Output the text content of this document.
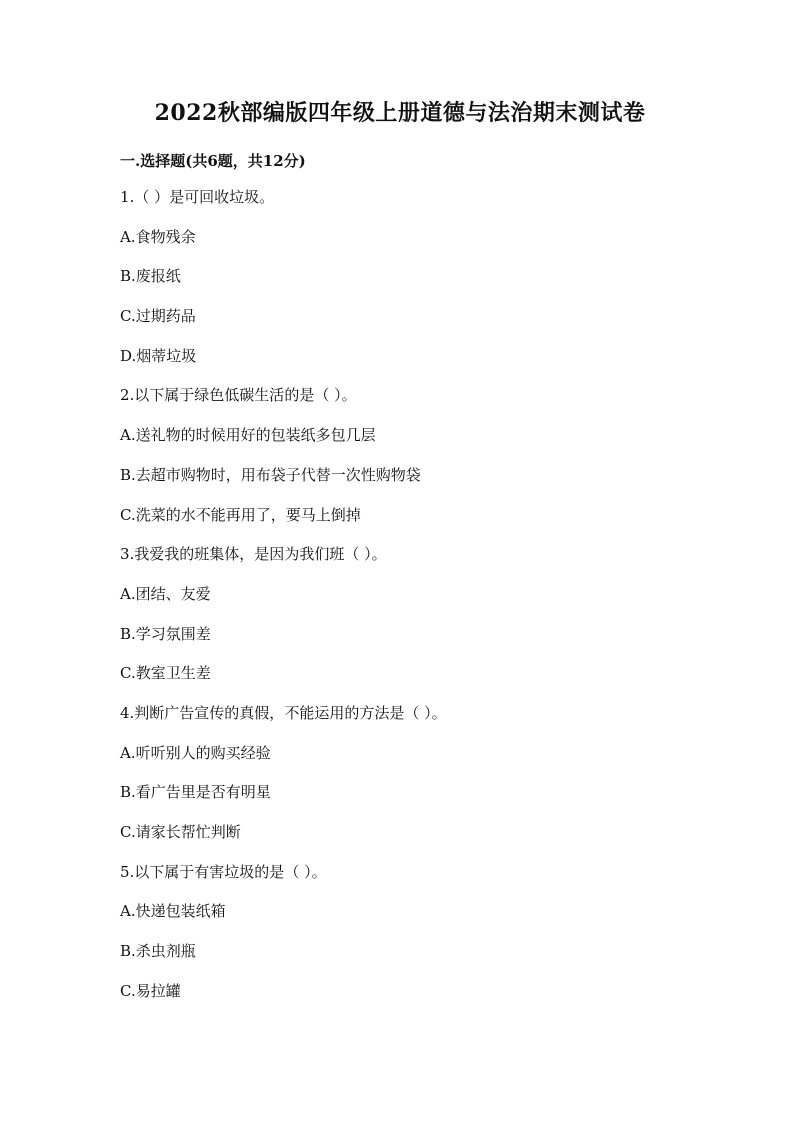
2022秋部编版四年级上册道德与法治期末测试卷
一.选择题(共6题，共12分)
1.（ ）是可回收垃圾。
A.食物残余
B.废报纸
C.过期药品
D.烟蒂垃圾
2.以下属于绿色低碳生活的是（ ）。
A.送礼物的时候用好的包装纸多包几层
B.去超市购物时，用布袋子代替一次性购物袋
C.洗菜的水不能再用了，要马上倒掉
3.我爱我的班集体，是因为我们班（ ）。
A.团结、友爱
B.学习氛围差
C.教室卫生差
4.判断广告宣传的真假，不能运用的方法是（ ）。
A.听听别人的购买经验
B.看广告里是否有明星
C.请家长帮忙判断
5.以下属于有害垃圾的是（ ）。
A.快递包装纸箱
B.杀虫剂瓶
C.易拉罐
